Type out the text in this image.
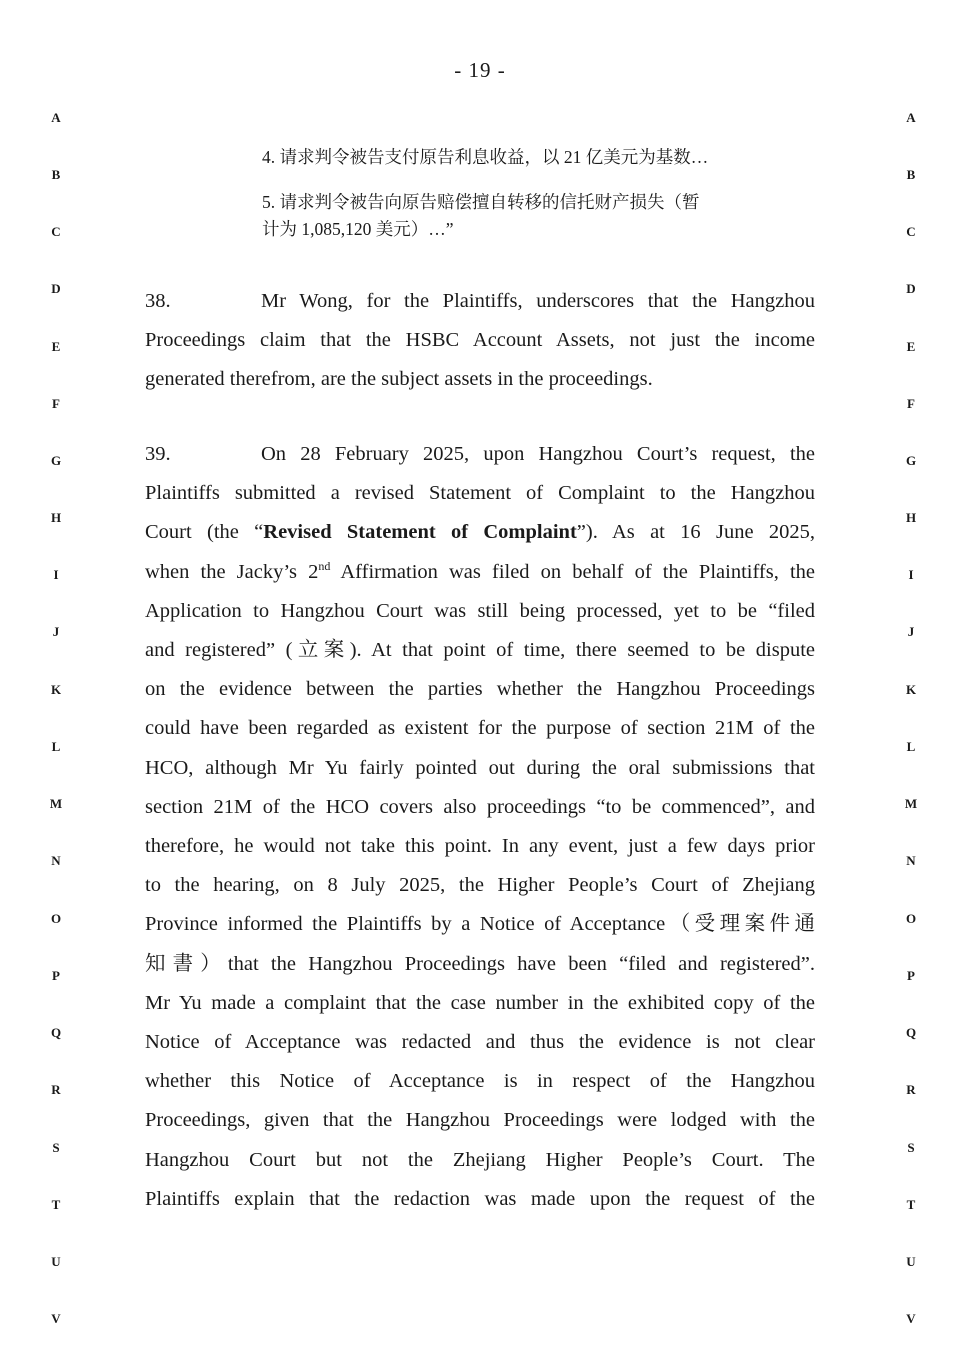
- 19 -
A
B
C
D
E
F
G
H
I
J
K
L
M
N
O
P
Q
R
S
T
U
V
A
B
C
D
E
F
G
H
I
J
K
L
M
N
O
P
Q
R
S
T
U
V
4. 请求判令被告支付原告利息收益，以 21 亿美元为基数…
5. 请求判令被告向原告赔偿擅自转移的信托财产损失（暂
计为 1,085,120 美元）…”
38.	Mr Wong, for the Plaintiffs, underscores that the Hangzhou
Proceedings claim that the HSBC Account Assets, not just the income
generated therefrom, are the subject assets in the proceedings.
39.	On 28 February 2025, upon Hangzhou Court’s request, the
Plaintiffs submitted a revised Statement of Complaint to the Hangzhou
Court (the “Revised Statement of Complaint”). As at 16 June 2025,
when the Jacky’s 2nd Affirmation was filed on behalf of the Plaintiffs, the
Application to Hangzhou Court was still being processed, yet to be “filed
and registered” (立案). At that point of time, there seemed to be dispute
on the evidence between the parties whether the Hangzhou Proceedings
could have been regarded as existent for the purpose of section 21M of the
HCO, although Mr Yu fairly pointed out during the oral submissions that
section 21M of the HCO covers also proceedings “to be commenced”, and
therefore, he would not take this point. In any event, just a few days prior
to the hearing, on 8 July 2025, the Higher People’s Court of Zhejiang
Province informed the Plaintiffs by a Notice of Acceptance（受理案件通
知書）that the Hangzhou Proceedings have been “filed and registered”.
Mr Yu made a complaint that the case number in the exhibited copy of the
Notice of Acceptance was redacted and thus the evidence is not clear
whether this Notice of Acceptance is in respect of the Hangzhou
Proceedings, given that the Hangzhou Proceedings were lodged with the
Hangzhou Court but not the Zhejiang Higher People’s Court. The
Plaintiffs explain that the redaction was made upon the request of the
